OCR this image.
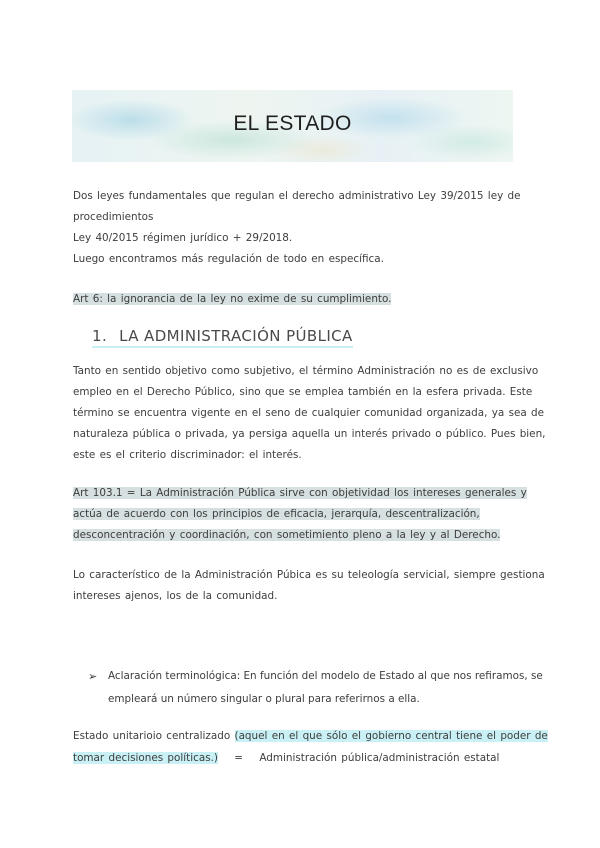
EL ESTADO
Dos leyes fundamentales que regulan el derecho administrativo Ley 39/2015 ley de
procedimientos
Ley 40/2015 régimen jurídico + 29/2018.
Luego encontramos más regulación de todo en específica.
Art 6: la ignorancia de la ley no exime de su cumplimiento.
1. LA ADMINISTRACIÓN PÚBLICA
Tanto en sentido objetivo como subjetivo, el término Administración no es de exclusivo
empleo en el Derecho Público, sino que se emplea también en la esfera privada. Este
término se encuentra vigente en el seno de cualquier comunidad organizada, ya sea de
naturaleza pública o privada, ya persiga aquella un interés privado o público. Pues bien,
este es el criterio discriminador: el interés.
Art 103.1 = La Administración Pública sirve con objetividad los intereses generales y
actúa de acuerdo con los principios de eficacia, jerarquía, descentralización,
desconcentración y coordinación, con sometimiento pleno a la ley y al Derecho.
Lo característico de la Administración Púbica es su teleología servicial, siempre gestiona
intereses ajenos, los de la comunidad.
➢ Aclaración terminológica: En función del modelo de Estado al que nos refiramos, se
empleará un número singular o plural para referirnos a ella.
Estado unitarioio centralizado (aquel en el que sólo el gobierno central tiene el poder de
tomar decisiones políticas.) = Administración pública/administración estatal
